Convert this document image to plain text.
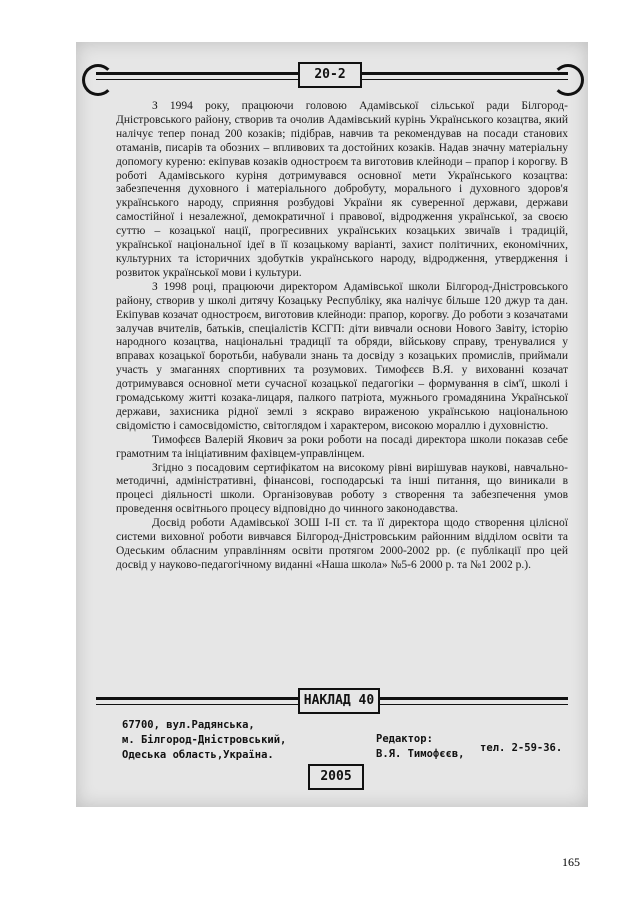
20-2

З 1994 року, працюючи головою Адамівської сільської ради Білгород-Дністровського району, створив та очолив Адамівський курінь Українського козацтва, який налічує тепер понад 200 козаків; підібрав, навчив та рекомендував на посади станових отаманів, писарів та обозних – впливових та достойних козаків. Надав значну матеріальну допомогу куреню: екіпував козаків одностроєм та виготовив клейноди – прапор і корогву. В роботі Адамівського куріня дотримувався основної мети Українського козацтва: забезпечення духовного і матеріального добробуту, морального і духовного здоров'я українського народу, сприяння розбудові України як суверенної держави, держави самостійної і незалежної, демократичної і правової, відродження української, за своєю суттю – козацької нації, прогресивних українських козацьких звичаїв і традицій, української національної ідеї в її козацькому варіанті, захист політичних, економічних, культурних та історичних здобутків українського народу, відродження, утвердження і розвиток української мови і культури.

З 1998 році, працюючи директором Адамівської школи Білгород-Дністровського району, створив у школі дитячу Козацьку Республіку, яка налічує більше 120 джур та дан. Екіпував козачат одностроєм, виготовив клейноди: прапор, корогву. До роботи з козачатами залучав вчителів, батьків, спеціалістів КСГП: діти вивчали основи Нового Завіту, історію народного козацтва, національні традиції та обряди, військову справу, тренувалися у вправах козацької боротьби, набували знань та досвіду з козацьких промислів, приймали участь у змаганнях спортивних та розумових. Тимофєєв В.Я. у вихованні козачат дотримувався основної мети сучасної козацької педагогіки – формування в сім'ї, школі і громадському житті козака-лицаря, палкого патріота, мужнього громадянина Української держави, захисника рідної землі з яскраво вираженою українською національною свідомістю і самосвідомістю, світоглядом і характером, високою мораллю і духовністю.

Тимофєєв Валерій Якович за роки роботи на посаді директора школи показав себе грамотним та ініціативним фахівцем-управлінцем.

Згідно з посадовим сертифікатом на високому рівні вирішував наукові, навчально-методичні, адміністративні, фінансові, господарські та інші питання, що виникали в процесі діяльності школи. Організовував роботу з створення та забезпечення умов проведення освітнього процесу відповідно до чинного законодавства.

Досвід роботи Адамівської ЗОШ І-ІІ ст. та її директора щодо створення цілісної системи виховної роботи вивчався Білгород-Дністровським районним відділом освіти та Одеським обласним управлінням освіти протягом 2000-2002 рр. (є публікації про цей досвід у науково-педагогічному виданні «Наша школа» №5-6 2000 р. та №1 2002 р.).

НАКЛАД 40
67700, вул.Радянська,
м. Білгород-Дністровський,
Одеська область,Україна.
Редактор:
В.Я. Тимофєєв, тел. 2-59-36.
2005
165
